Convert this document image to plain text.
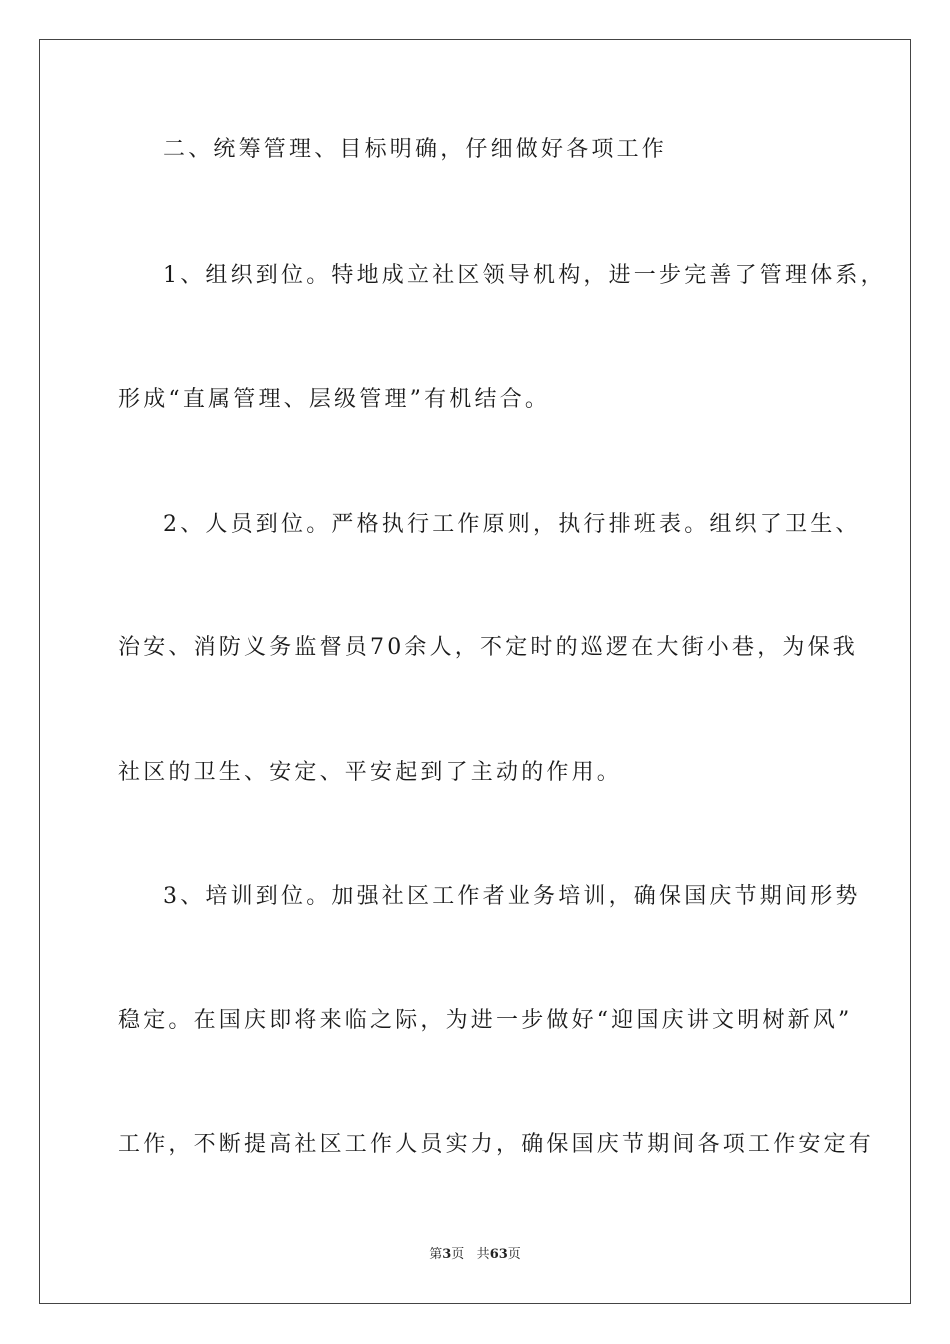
二、统筹管理、目标明确，仔细做好各项工作
1、组织到位。特地成立社区领导机构，进一步完善了管理体系，
形成“直属管理、层级管理”有机结合。
2、人员到位。严格执行工作原则，执行排班表。组织了卫生、
治安、消防义务监督员70余人，不定时的巡逻在大街小巷，为保我
社区的卫生、安定、平安起到了主动的作用。
3、培训到位。加强社区工作者业务培训，确保国庆节期间形势
稳定。在国庆即将来临之际，为进一步做好“迎国庆讲文明树新风”
工作，不断提高社区工作人员实力，确保国庆节期间各项工作安定有
第3页 共63页
